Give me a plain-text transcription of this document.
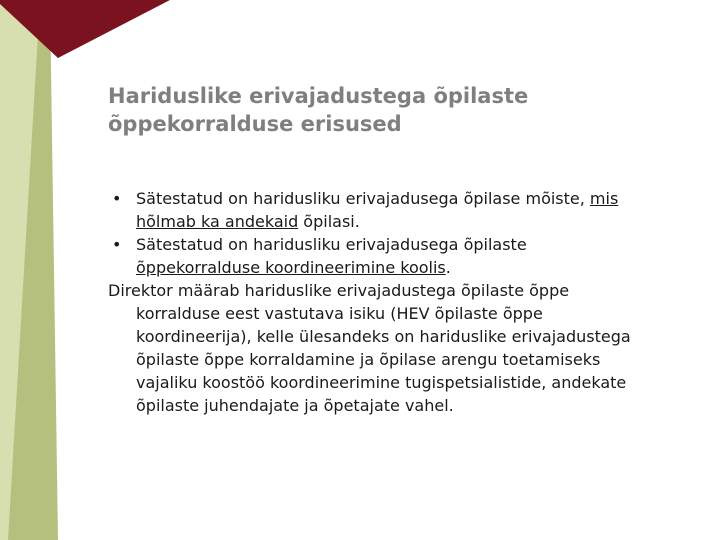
Hariduslike erivajadustega õpilaste
õppekorralduse erisused

• Sätestatud on haridusliku erivajadusega õpilase mõiste, mis hõlmab ka andekaid õpilasi.

• Sätestatud on haridusliku erivajadusega õpilaste õppekorralduse koordineerimine koolis.

Direktor määrab hariduslike erivajadustega õpilaste õppe korralduse eest vastutava isiku (HEV õpilaste õppe koordineerija), kelle ülesandeks on hariduslike erivajadustega õpilaste õppe korraldamine ja õpilase arengu toetamiseks vajaliku koostöö koordineerimine tugispetsialistide, andekate õpilaste juhendajate ja õpetajate vahel.
